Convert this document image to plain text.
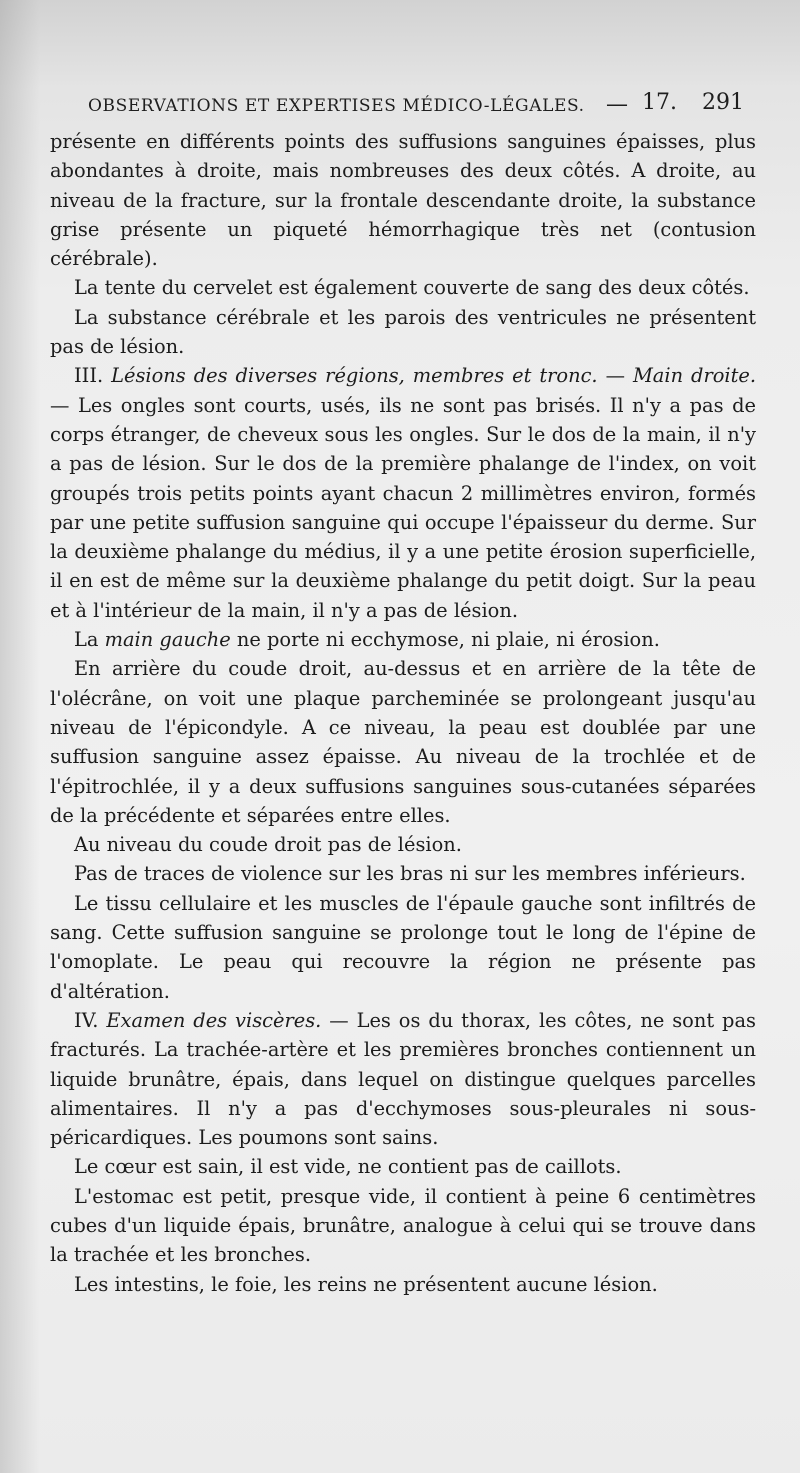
OBSERVATIONS ET EXPERTISES MÉDICO-LÉGALES. — 17. 291

présente en différents points des suffusions sanguines épaisses, plus abondantes à droite, mais nombreuses des deux côtés. A droite, au niveau de la fracture, sur la frontale descendante droite, la substance grise présente un piqueté hémorrhagique très net (contusion cérébrale).

La tente du cervelet est également couverte de sang des deux côtés.

La substance cérébrale et les parois des ventricules ne présentent pas de lésion.

III. Lésions des diverses régions, membres et tronc. — Main droite. — Les ongles sont courts, usés, ils ne sont pas brisés. Il n'y a pas de corps étranger, de cheveux sous les ongles. Sur le dos de la main, il n'y a pas de lésion. Sur le dos de la première phalange de l'index, on voit groupés trois petits points ayant chacun 2 millimètres environ, formés par une petite suffusion sanguine qui occupe l'épaisseur du derme. Sur la deuxième phalange du médius, il y a une petite érosion superficielle, il en est de même sur la deuxième phalange du petit doigt. Sur la peau et à l'intérieur de la main, il n'y a pas de lésion.

La main gauche ne porte ni ecchymose, ni plaie, ni érosion.

En arrière du coude droit, au-dessus et en arrière de la tête de l'olécrâne, on voit une plaque parcheminée se prolongeant jusqu'au niveau de l'épicondyle. A ce niveau, la peau est doublée par une suffusion sanguine assez épaisse. Au niveau de la trochlée et de l'épitrochlée, il y a deux suffusions sanguines sous-cutanées séparées de la précédente et séparées entre elles.

Au niveau du coude droit pas de lésion.

Pas de traces de violence sur les bras ni sur les membres inférieurs.

Le tissu cellulaire et les muscles de l'épaule gauche sont infiltrés de sang. Cette suffusion sanguine se prolonge tout le long de l'épine de l'omoplate. Le peau qui recouvre la région ne présente pas d'altération.

IV. Examen des viscères. — Les os du thorax, les côtes, ne sont pas fracturés. La trachée-artère et les premières bronches contiennent un liquide brunâtre, épais, dans lequel on distingue quelques parcelles alimentaires. Il n'y a pas d'ecchymoses sous-pleurales ni sous-péricardiques. Les poumons sont sains.

Le cœur est sain, il est vide, ne contient pas de caillots.

L'estomac est petit, presque vide, il contient à peine 6 centimètres cubes d'un liquide épais, brunâtre, analogue à celui qui se trouve dans la trachée et les bronches.

Les intestins, le foie, les reins ne présentent aucune lésion.
